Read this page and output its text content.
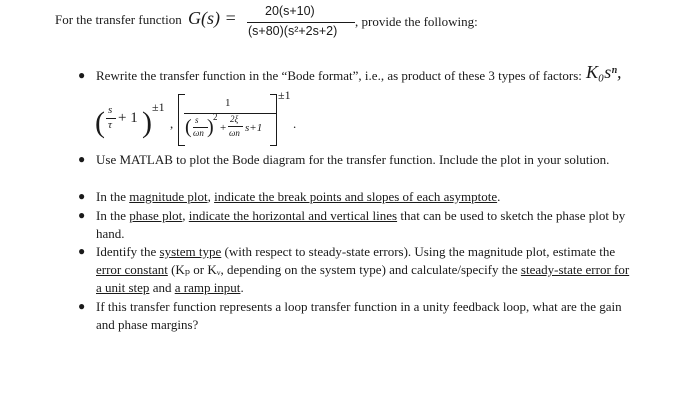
For the transfer function G(s) = 20(s+10)
(s+80)(s²+2s+2)
, provide the following:
● Rewrite the transfer function in the “Bode format”, i.e., as product of these 3 types of factors: K₀sⁿ,
( s
τ + 1 ) ±1
,
1
( s
ωn ) 2
+
2ξ
ωn s+1
±1
.
● Use MATLAB to plot the Bode diagram for the transfer function. Include the plot in your solution.
● In the magnitude plot, indicate the break points and slopes of each asymptote.
● In the phase plot, indicate the horizontal and vertical lines that can be used to sketch the phase plot by hand.
● Identify the system type (with respect to steady-state errors). Using the magnitude plot, estimate the error constant (Kₚ or Kᵥ, depending on the system type) and calculate/specify the steady-state error for a unit step and a ramp input.
● If this transfer function represents a loop transfer function in a unity feedback loop, what are the gain and phase margins?
